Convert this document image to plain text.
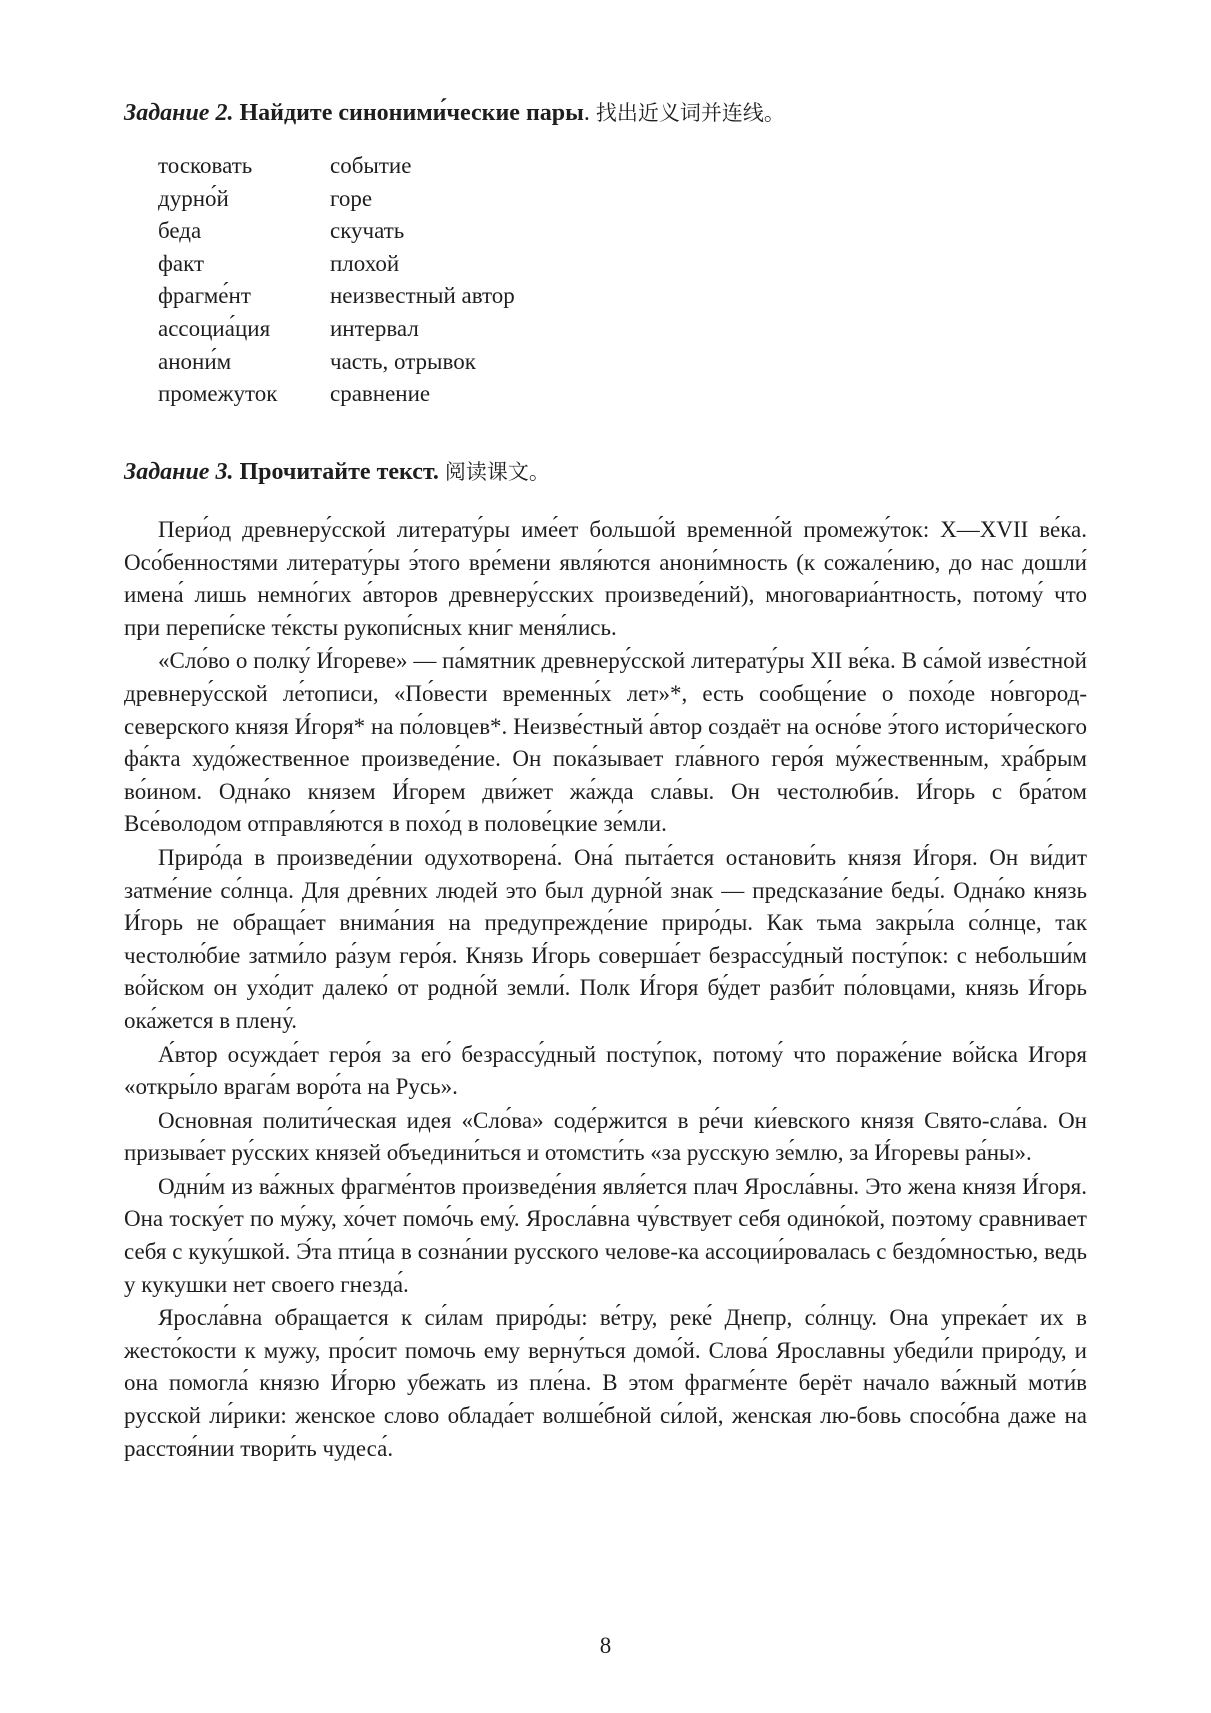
Задание 2. Найдите синоними́ческие пары. 找出近义词并连线。
тосковать	событие
дурно́й	горе
беда	скучать
факт	плохой
фрагме́нт	неизвестный автор
ассоциа́ция	интервал
анони́м	часть, отрывок
промежуток	сравнение
Задание 3. Прочитайте текст. 阅读课文。

Пери́од древнеру́сской литерату́ры име́ет большо́й временно́й промежу́ток: X—XVII ве́ка. Осо́бенностями литерату́ры э́того вре́мени явля́ются анони́мность (к сожале́нию, до нас дошли́ имена́ лишь немно́гих а́второв древнеру́сских произведе́ний), многовариа́нтность, потому́ что при перепи́ске те́ксты рукопи́сных книг меня́лись.

«Сло́во о полку́ И́гореве» — па́мятник древнеру́сской литерату́ры XII ве́ка. В са́мой изве́стной древнеру́сской ле́тописи, «По́вести временны́х лет»*, есть сообще́ние о похо́де но́вгород-северского князя И́горя* на по́ловцев*. Неизве́стный а́втор создаёт на осно́ве э́того истори́ческого фа́кта худо́жественное произведе́ние. Он пока́зывает гла́вного геро́я му́жественным, хра́брым во́ином. Одна́ко князем И́горем дви́жет жа́жда сла́вы. Он честолюби́в. И́горь с бра́том Все́володом отправля́ются в похо́д в полове́цкие зе́мли.

Приро́да в произведе́нии одухотворена́. Она́ пыта́ется останови́ть князя И́горя. Он ви́дит затме́ние со́лнца. Для дре́вних людей это был дурно́й знак — предсказа́ние беды́. Одна́ко князь И́горь не обраща́ет внима́ния на предупрежде́ние приро́ды. Как тьма закры́ла со́лнце, так честолю́бие затми́ло ра́зум геро́я. Князь И́горь соверша́ет безрассу́дный посту́пок: с небольши́м во́йском он ухо́дит далеко́ от родно́й земли́. Полк И́горя бу́дет разби́т по́ловцами, князь И́горь ока́жется в плену́.

А́втор осужда́ет геро́я за его́ безрассу́дный посту́пок, потому́ что пораже́ние во́йска Игоря «откры́ло врага́м воро́та на Русь».

Основная полити́ческая идея «Сло́ва» соде́ржится в ре́чи ки́евского князя Свято-сла́ва. Он призыва́ет ру́сских князей объедини́ться и отомсти́ть «за русскую зе́млю, за И́горевы ра́ны».

Одни́м из ва́жных фрагме́нтов произведе́ния явля́ется плач Яросла́вны. Это жена князя И́горя. Она тоску́ет по му́жу, хо́чет помо́чь ему́. Яросла́вна чу́вствует себя одино́кой, поэтому сравнивает себя с куку́шкой. Э́та пти́ца в созна́нии русского челове-ка ассоции́ровалась с бездо́мностью, ведь у кукушки нет своего гнезда́.

Яросла́вна обращается к си́лам приро́ды: ве́тру, реке́ Днепр, со́лнцу. Она упрека́ет их в жесто́кости к мужу, про́сит помочь ему верну́ться домо́й. Слова́ Ярославны убеди́ли приро́ду, и она помогла́ князю И́горю убежать из пле́на. В этом фрагме́нте берёт начало ва́жный моти́в русской ли́рики: женское слово облада́ет волше́бной си́лой, женская лю-бовь спосо́бна даже на расстоя́нии твори́ть чудеса́.

8
